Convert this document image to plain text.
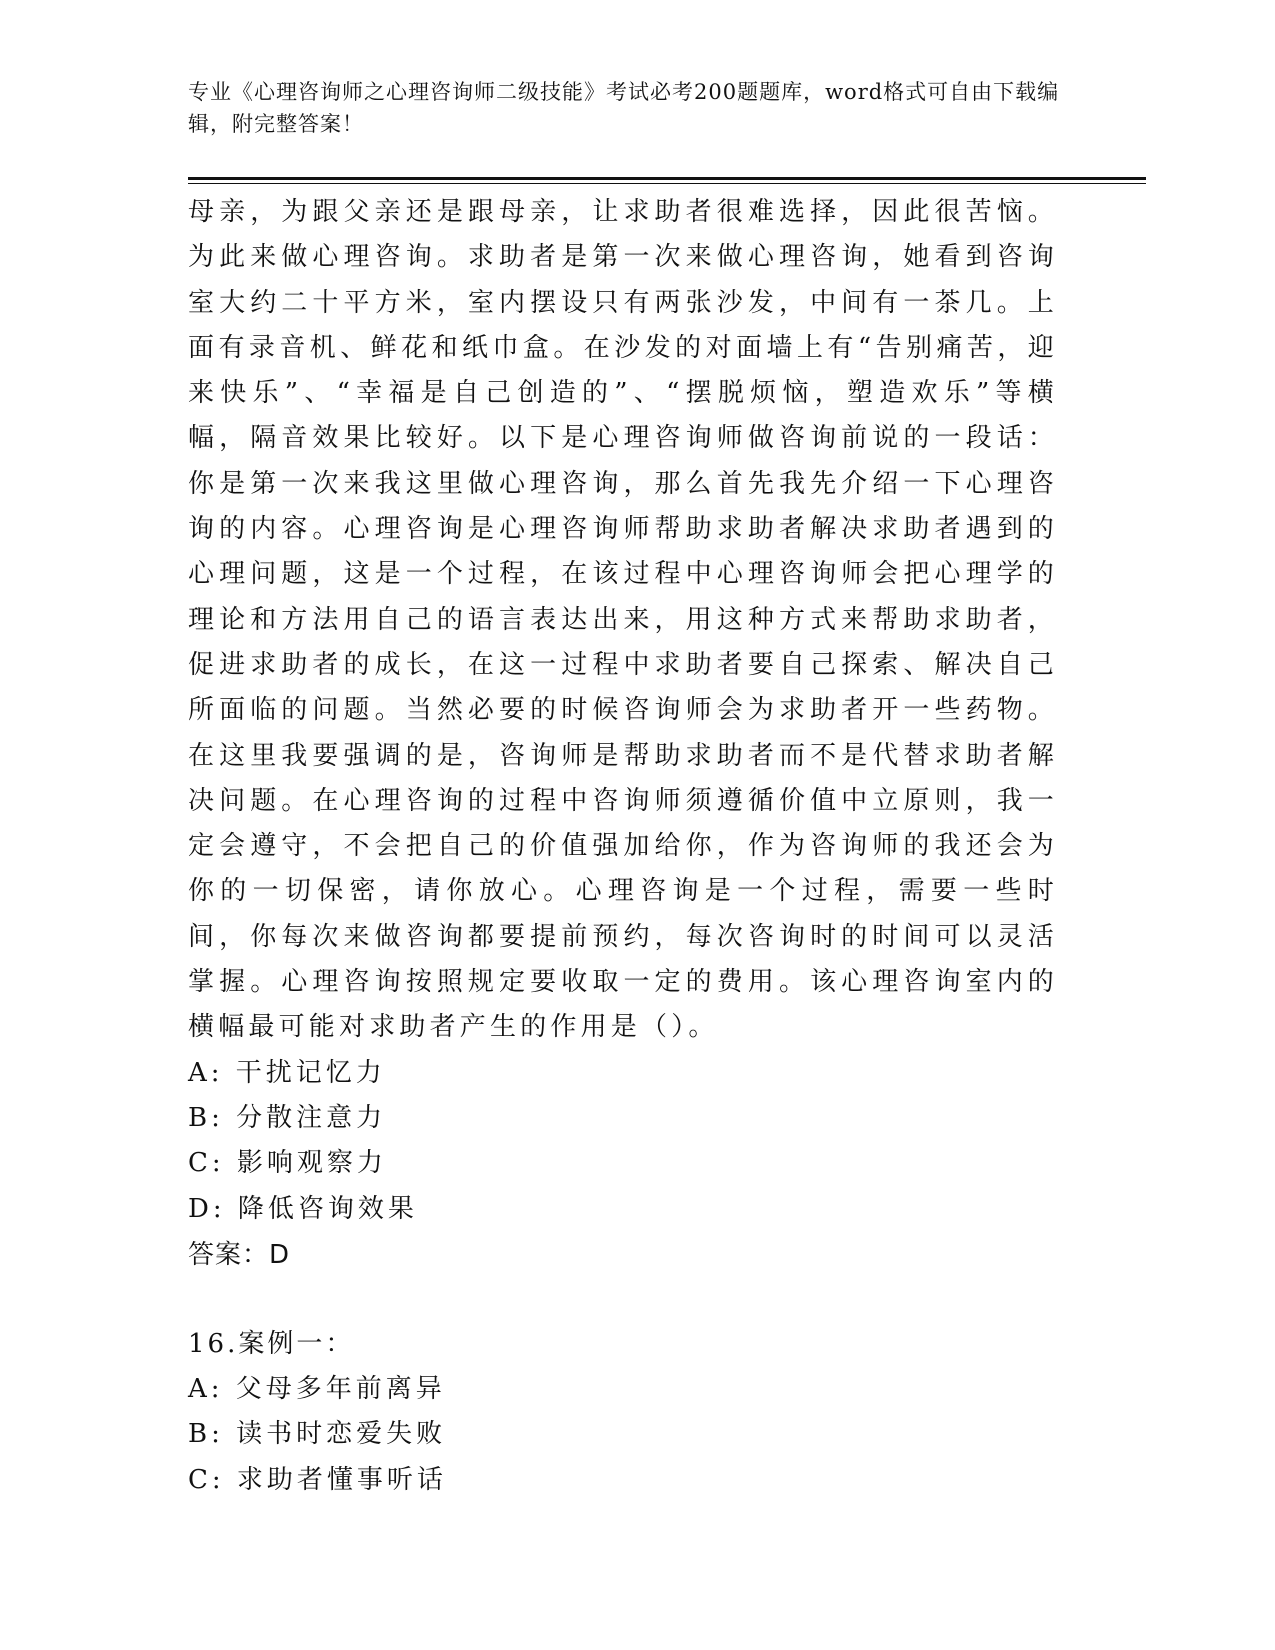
专业《心理咨询师之心理咨询师二级技能》考试必考200题题库，word格式可自由下载编辑，附完整答案！

母亲，为跟父亲还是跟母亲，让求助者很难选择，因此很苦恼。为此来做心理咨询。求助者是第一次来做心理咨询，她看到咨询室大约二十平方米，室内摆设只有两张沙发，中间有一茶几。上面有录音机、鲜花和纸巾盒。在沙发的对面墙上有“告别痛苦，迎来快乐”、“幸福是自己创造的”、“摆脱烦恼，塑造欢乐”等横幅，隔音效果比较好。以下是心理咨询师做咨询前说的一段话：你是第一次来我这里做心理咨询，那么首先我先介绍一下心理咨询的内容。心理咨询是心理咨询师帮助求助者解决求助者遇到的心理问题，这是一个过程，在该过程中心理咨询师会把心理学的理论和方法用自己的语言表达出来，用这种方式来帮助求助者，促进求助者的成长，在这一过程中求助者要自己探索、解决自己所面临的问题。当然必要的时候咨询师会为求助者开一些药物。在这里我要强调的是，咨询师是帮助求助者而不是代替求助者解决问题。在心理咨询的过程中咨询师须遵循价值中立原则，我一定会遵守，不会把自己的价值强加给你，作为咨询师的我还会为你的一切保密，请你放心。心理咨询是一个过程，需要一些时间，你每次来做咨询都要提前预约，每次咨询时的时间可以灵活掌握。心理咨询按照规定要收取一定的费用。该心理咨询室内的横幅最可能对求助者产生的作用是（）。

A: 干扰记忆力

B: 分散注意力

C: 影响观察力

D: 降低咨询效果

答案：D

16.案例一：

A: 父母多年前离异

B: 读书时恋爱失败

C: 求助者懂事听话
